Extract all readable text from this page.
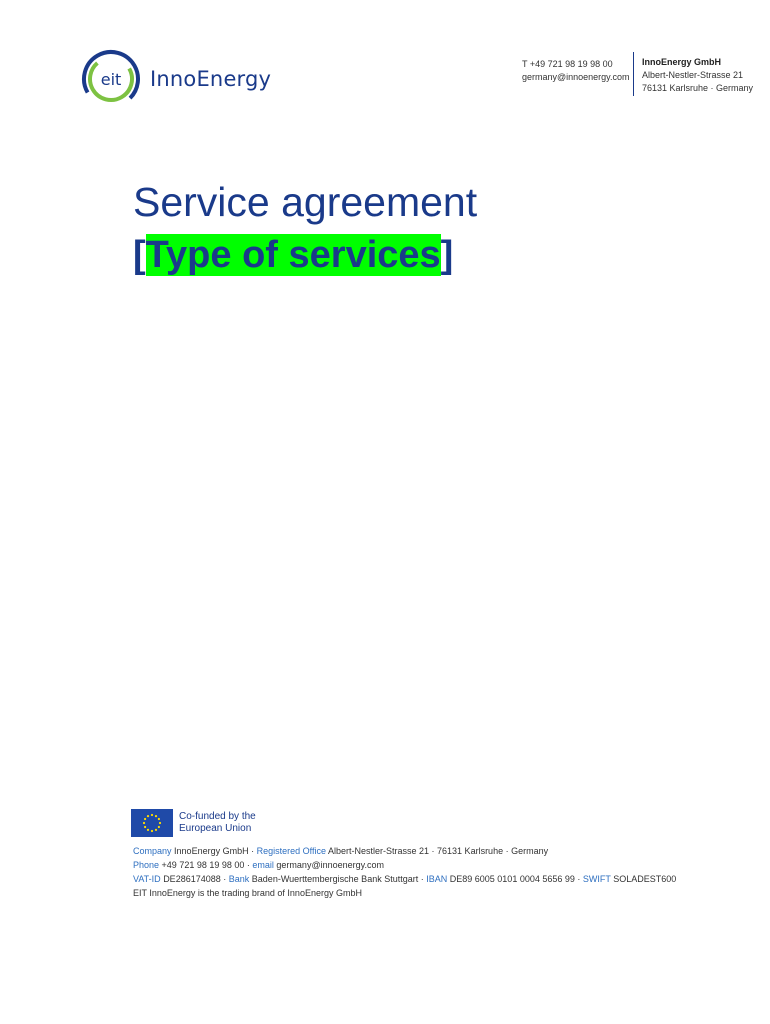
eit InnoEnergy
T +49 721 98 19 98 00
germany@innoenergy.com
InnoEnergy GmbH
Albert-Nestler-Strasse 21
76131 Karlsruhe · Germany
Service agreement
[Type of services]
Co-funded by the
European Union
Company InnoEnergy GmbH · Registered Office Albert-Nestler-Strasse 21 · 76131 Karlsruhe · Germany
Phone +49 721 98 19 98 00 · email germany@innoenergy.com
VAT-ID DE286174088 · Bank Baden-Wuerttembergische Bank Stuttgart · IBAN DE89 6005 0101 0004 5656 99 · SWIFT SOLADEST600
EIT InnoEnergy is the trading brand of InnoEnergy GmbH
